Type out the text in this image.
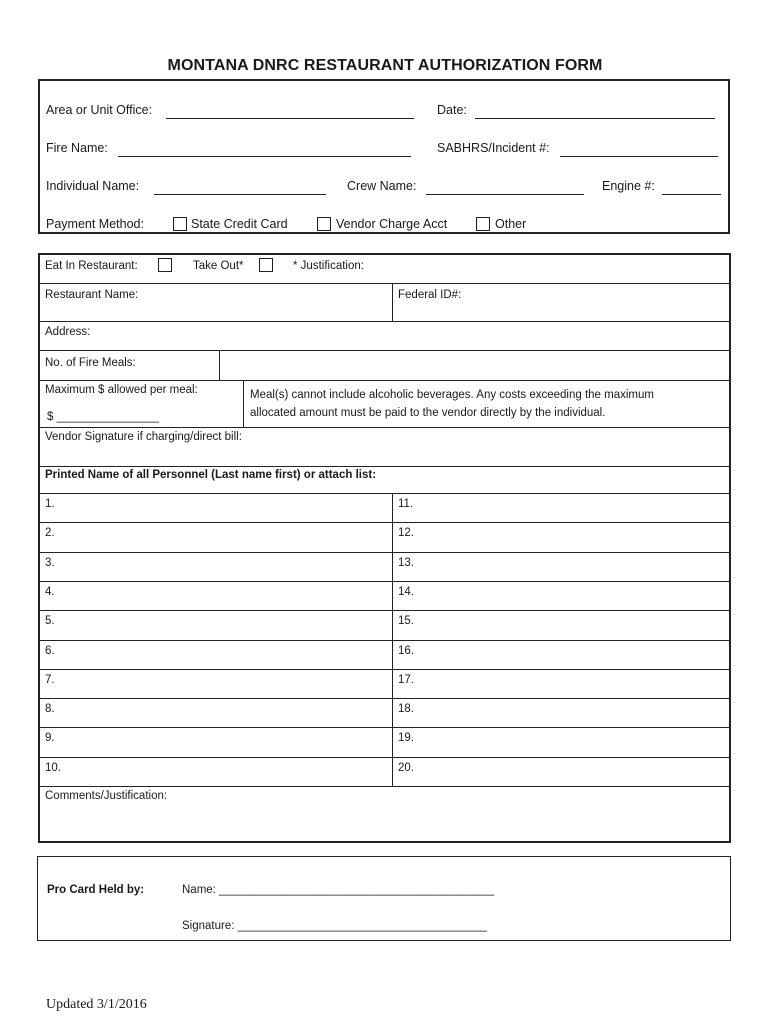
MONTANA DNRC RESTAURANT AUTHORIZATION FORM
Area or Unit Office:	Date:
Fire Name:	SABHRS/Incident #:
Individual Name:	Crew Name:	Engine #:
Payment Method:	State Credit Card	Vendor Charge Acct	Other
Eat In Restaurant:	Take Out*	* Justification:
Restaurant Name:	Federal ID#:
Address:
No. of Fire Meals:
Maximum $ allowed per meal:
$ ________________
Meal(s) cannot include alcoholic beverages. Any costs exceeding the maximum
allocated amount must be paid to the vendor directly by the individual.
Vendor Signature if charging/direct bill:
Printed Name of all Personnel (Last name first) or attach list:
1.	11.
2.	12.
3.	13.
4.	14.
5.	15.
6.	16.
7.	17.
8.	18.
9.	19.
10.	20.
Comments/Justification:
Pro Card Held by:	Name: ___________________________________________
Signature: _______________________________________
Updated 3/1/2016
